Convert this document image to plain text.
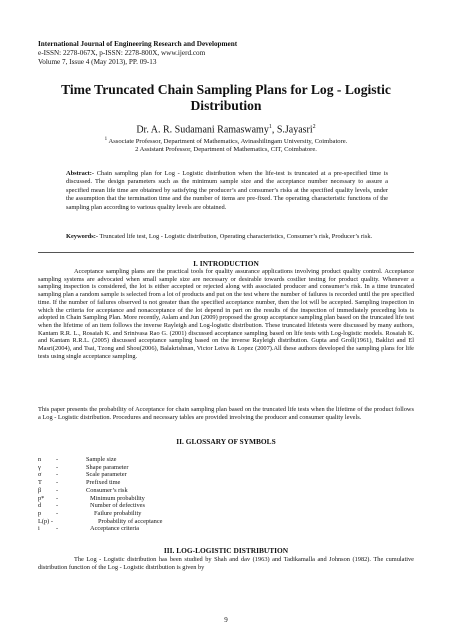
International Journal of Engineering Research and Development
e-ISSN: 2278-067X, p-ISSN: 2278-800X, www.ijerd.com
Volume 7, Issue 4 (May 2013), PP. 09-13
Time Truncated Chain Sampling Plans for Log - Logistic Distribution
Dr. A. R. Sudamani Ramaswamy$^1$, S.Jayasri$^2$
$^1$ Associate Professor, Department of Mathematics, Avinashilingam University, Coimbatore.
2 Assistant Professor, Department of Mathematics, CIT, Coimbatore.
Abstract:- Chain sampling plan for Log - Logistic distribution when the life-test is truncated at a pre-specified time is discussed. The design parameters such as the minimum sample size and the acceptance number necessary to assure a specified mean life time are obtained by satisfying the producer’s and consumer’s risks at the specified quality levels, under the assumption that the termination time and the number of items are pre-fixed. The operating characteristic functions of the sampling plan according to various quality levels are obtained.
Keywords:- Truncated life test, Log - Logistic distribution, Operating characteristics, Consumer’s risk, Producer’s risk.
I. INTRODUCTION
Acceptance sampling plans are the practical tools for quality assurance applications involving product quality control. Acceptance sampling systems are advocated when small sample size are necessary or desirable towards costlier testing for product quality. Whenever a sampling inspection is considered, the lot is either accepted or rejected along with associated producer and consumer’s risk. In a time truncated sampling plan a random sample is selected from a lot of products and put on the test where the number of failures is recorded until the pre specified time. If the number of failures observed is not greater than the specified acceptance number, then the lot will be accepted. Sampling inspection in which the criteria for acceptance and nonacceptance of the lot depend in part on the results of the inspection of immediately preceding lots is adopted in Chain Sampling Plan. More recently, Aslam and Jun (2009) proposed the group acceptance sampling plan based on the truncated life test when the lifetime of an item follows the inverse Rayleigh and Log-logistic distribution. These truncated lifetests were discussed by many authors, Kantam R.R. L., Rosaiah K. and Srinivasa Rao G. (2001) discussed acceptance sampling based on life tests with Log-logistic models. Rosaiah K. and Kantam R.R.L. (2005) discussed acceptance sampling based on the inverse Rayleigh distribution. Gupta and Groll(1961), Baklizi and El Masri(2004), and Tsai, Tzong and Shou(2006), Balakrishnan, Victor Leiva & Lopez (2007).All these authors developed the sampling plans for life tests using single acceptance sampling.
This paper presents the probability of Acceptance for chain sampling plan based on the truncated life tests when the lifetime of the product follows a Log - Logistic distribution. Procedures and necessary tables are provided involving the producer and consumer quality levels.
II. GLOSSARY OF SYMBOLS
n -	Sample size
γ -	Shape parameter
σ -	Scale parameter
T -	Prefixed time
β -	Consumer’s risk
p* -	Minimum probability
d -	Number of defectives
p -	Failure probability
L(p) -	Probability of acceptance
i	-	Acceptance criteria
III. LOG-LOGISTIC DISTRIBUTION
The Log - Logistic distribution has been studied by Shah and dav (1963) and Tadikamalla and Johnson (1982). The cumulative distribution function of the Log - Logistic distribution is given by
9
